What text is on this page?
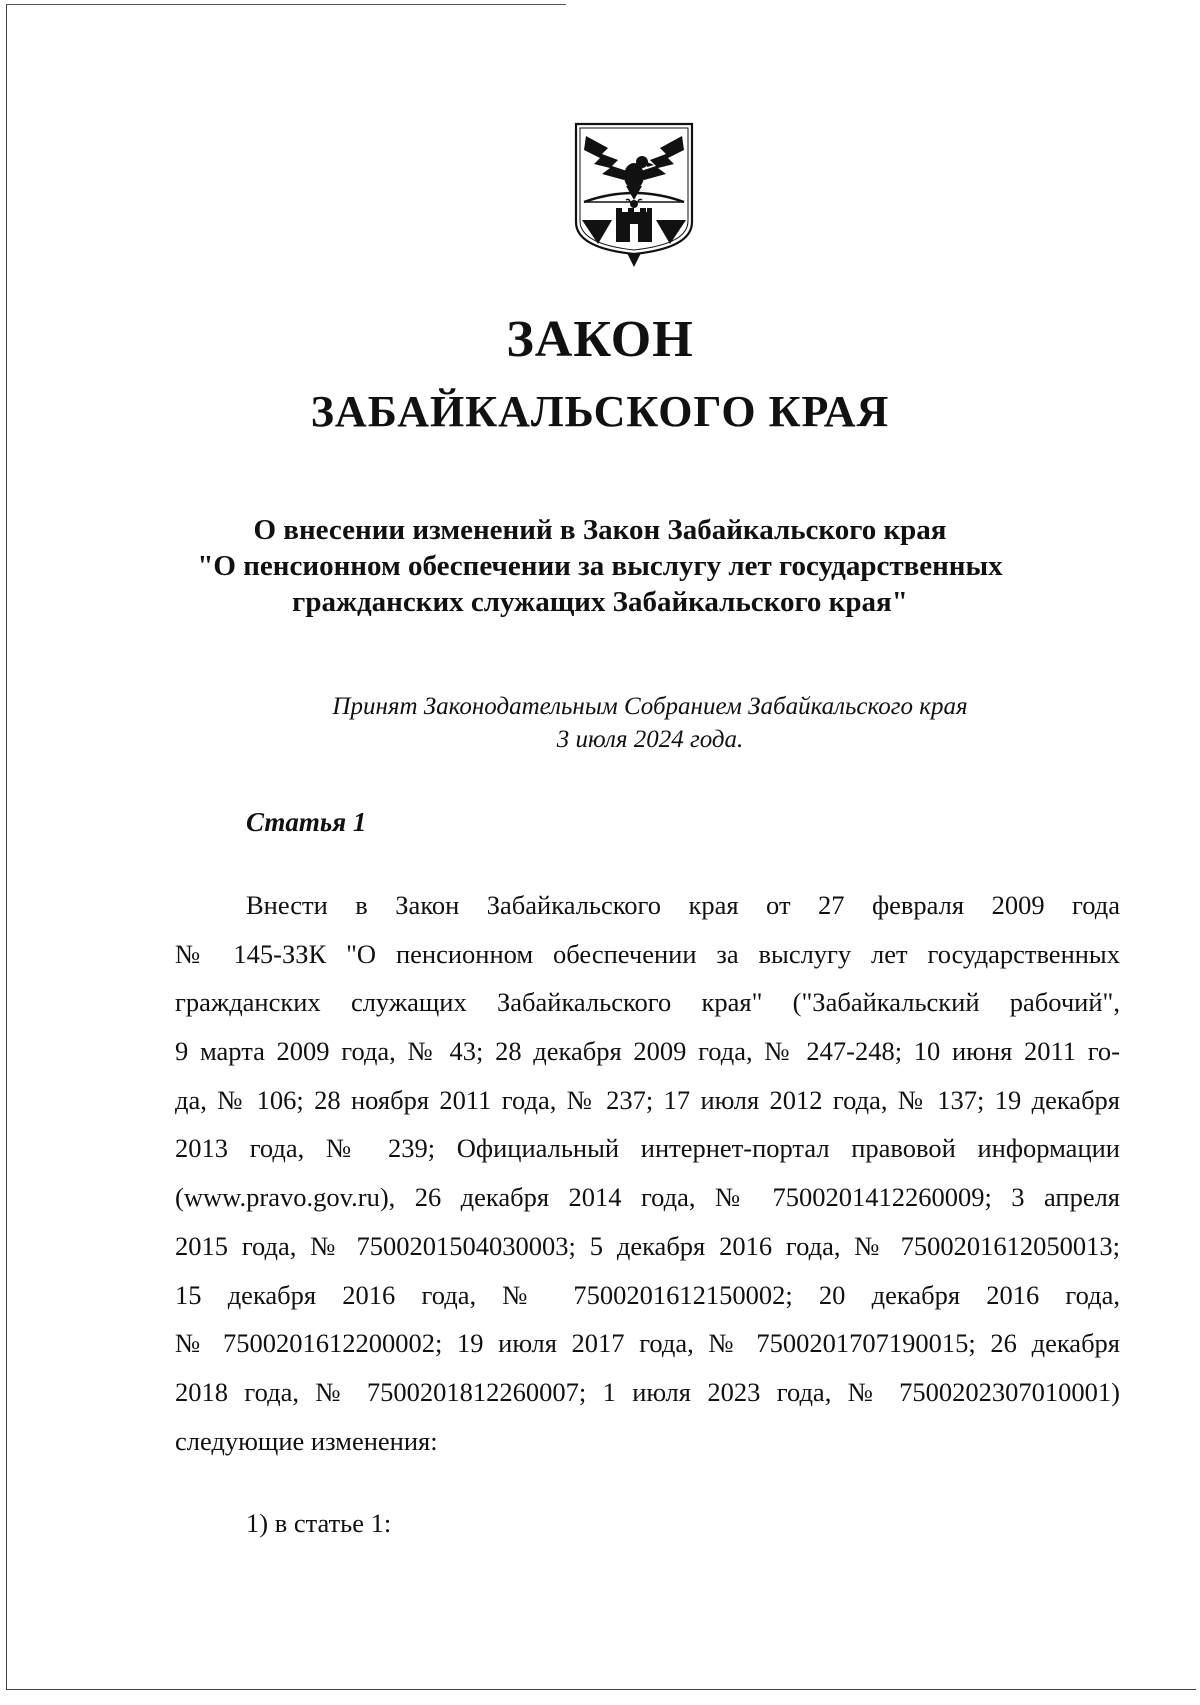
ЗАКОН
ЗАБАЙКАЛЬСКОГО КРАЯ
О внесении изменений в Закон Забайкальского края
"О пенсионном обеспечении за выслугу лет государственных
гражданских служащих Забайкальского края"

Принят Законодательным Собранием Забайкальского края
3 июля 2024 года.

Статья 1
Внести в Закон Забайкальского края от 27 февраля 2009 года
№ 145-ЗЗК "О пенсионном обеспечении за выслугу лет государственных
гражданских служащих Забайкальского края" ("Забайкальский рабочий",
9 марта 2009 года, № 43; 28 декабря 2009 года, № 247-248; 10 июня 2011 го-
да, № 106; 28 ноября 2011 года, № 237; 17 июля 2012 года, № 137; 19 декабря
2013 года, № 239; Официальный интернет-портал правовой информации
(www.pravo.gov.ru), 26 декабря 2014 года, № 7500201412260009; 3 апреля
2015 года, № 7500201504030003; 5 декабря 2016 года, № 7500201612050013;
15 декабря 2016 года, № 7500201612150002; 20 декабря 2016 года,
№ 7500201612200002; 19 июля 2017 года, № 7500201707190015; 26 декабря
2018 года, № 7500201812260007; 1 июля 2023 года, № 7500202307010001)
следующие изменения:

1) в статье 1:
